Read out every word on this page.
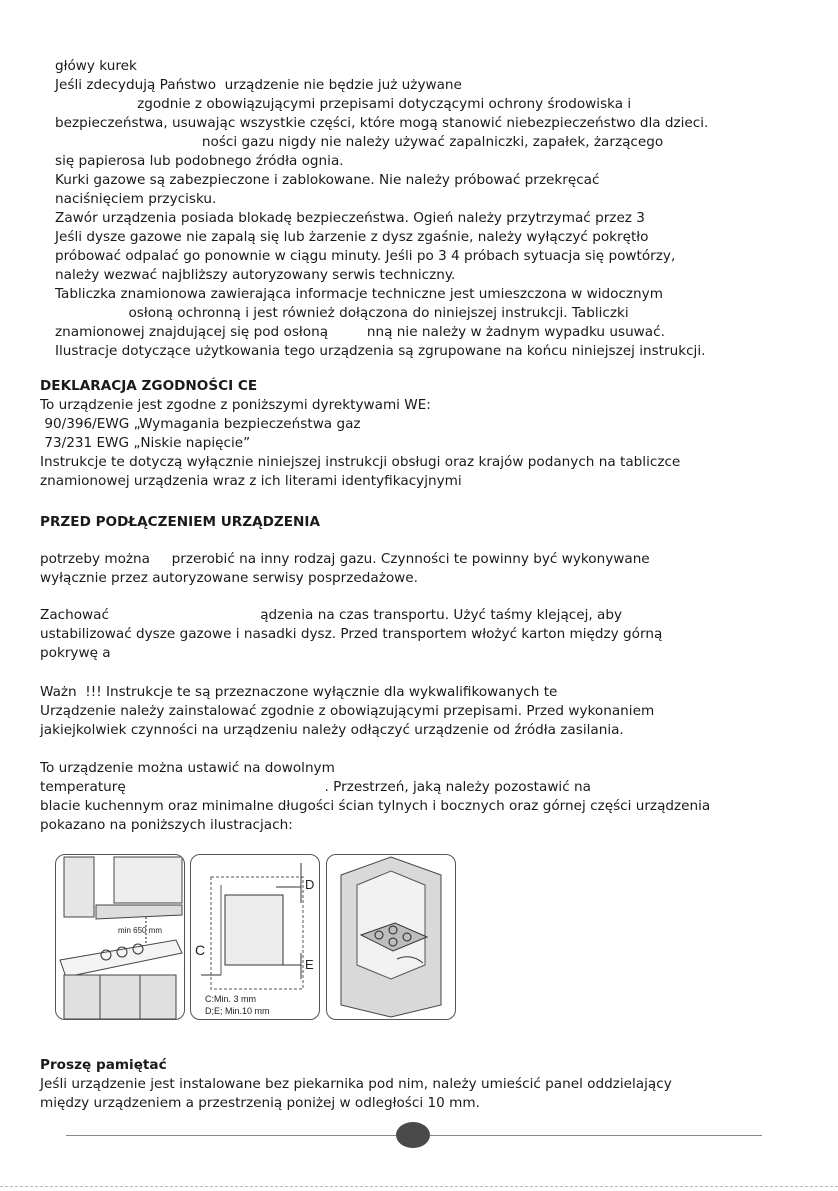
główy kurek
Jeśli zdecydują Państwo  urządzenie nie będzie już używane
zgodnie z obowiązującymi przepisami dotyczącymi ochrony środowiska i
bezpieczeństwa, usuwając wszystkie części, które mogą stanowić niebezpieczeństwo dla dzieci.
ności gazu nigdy nie należy używać zapalniczki, zapałek, żarzącego
się papierosa lub podobnego źródła ognia.
Kurki gazowe są zabezpieczone i zablokowane. Nie należy próbować przekręcać
naciśnięciem przycisku.
Zawór urządzenia posiada blokadę bezpieczeństwa. Ogień należy przytrzymać przez 3
Jeśli dysze gazowe nie zapalą się lub żarzenie z dysz zgaśnie, należy wyłączyć pokrętło
próbować odpalać go ponownie w ciągu minuty. Jeśli po 3 4 próbach sytuacja się powtórzy,
należy wezwać najbliższy autoryzowany serwis techniczny.
Tabliczka znamionowa zawierająca informacje techniczne jest umieszczona w widocznym
osłoną ochronną i jest również dołączona do niniejszej instrukcji. Tabliczki
znamionowej znajdującej się pod osłoną         nną nie należy w żadnym wypadku usuwać.
Ilustracje dotyczące użytkowania tego urządzenia są zgrupowane na końcu niniejszej instrukcji.
DEKLARACJA ZGODNOŚCI CE
To urządzenie jest zgodne z poniższymi dyrektywami WE:
90/396/EWG „Wymagania bezpieczeństwa gaz
73/231 EWG „Niskie napięcie”
Instrukcje te dotyczą wyłącznie niniejszej instrukcji obsługi oraz krajów podanych na tabliczce
znamionowej urządzenia wraz z ich literami identyfikacyjnymi
PRZED PODŁĄCZENIEM URZĄDZENIA
potrzeby można     przerobić na inny rodzaj gazu. Czynności te powinny być wykonywane
wyłącznie przez autoryzowane serwisy posprzedażowe.
Zachować                                   ądzenia na czas transportu. Użyć taśmy klejącej, aby
ustabilizować dysze gazowe i nasadki dysz. Przed transportem włożyć karton między górną
pokrywę a
Ważn  !!! Instrukcje te są przeznaczone wyłącznie dla wykwalifikowanych te
Urządzenie należy zainstalować zgodnie z obowiązującymi przepisami. Przed wykonaniem
jakiejkolwiek czynności na urządzeniu należy odłączyć urządzenie od źródła zasilania.
To urządzenie można ustawić na dowolnym
temperaturę                                              . Przestrzeń, jaką należy pozostawić na
blacie kuchennym oraz minimalne długości ścian tylnych i bocznych oraz górnej części urządzenia
pokazano na poniższych ilustracjach:
min 650 mm
D
E
C
C:Min. 3 mm
D;E; Min.10 mm
Proszę pamiętać
Jeśli urządzenie jest instalowane bez piekarnika pod nim, należy umieścić panel oddzielający
między urządzeniem a przestrzenią poniżej w odległości 10 mm.
